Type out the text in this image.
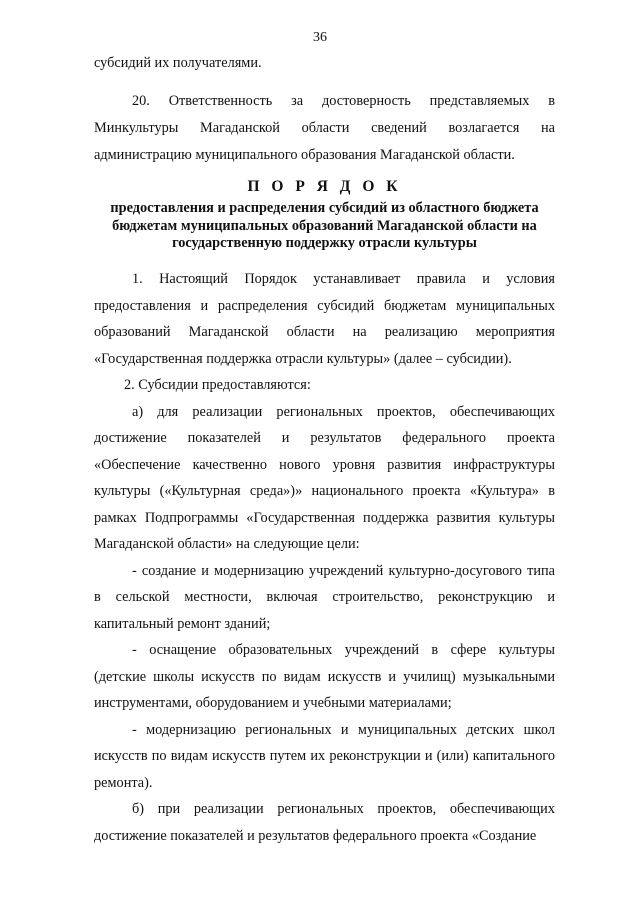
36

субсидий их получателями.

20. Ответственность за достоверность представляемых в Минкультуры Магаданской области сведений возлагается на администрацию муниципального образования Магаданской области.

П О Р Я Д О К
предоставления и распределения субсидий из областного бюджета бюджетам муниципальных образований Магаданской области на государственную поддержку отрасли культуры

1. Настоящий Порядок устанавливает правила и условия предоставления и распределения субсидий бюджетам муниципальных образований Магаданской области на реализацию мероприятия «Государственная поддержка отрасли культуры» (далее – субсидии).

2. Субсидии предоставляются:

а) для реализации региональных проектов, обеспечивающих достижение показателей и результатов федерального проекта «Обеспечение качественно нового уровня развития инфраструктуры культуры («Культурная среда»)» национального проекта «Культура» в рамках Подпрограммы «Государственная поддержка развития культуры Магаданской области» на следующие цели:

- создание и модернизацию учреждений культурно-досугового типа в сельской местности, включая строительство, реконструкцию и капитальный ремонт зданий;

- оснащение образовательных учреждений в сфере культуры (детские школы искусств по видам искусств и училищ) музыкальными инструментами, оборудованием и учебными материалами;

- модернизацию региональных и муниципальных детских школ искусств по видам искусств путем их реконструкции и (или) капитального ремонта).

б) при реализации региональных проектов, обеспечивающих достижение показателей и результатов федерального проекта «Создание
